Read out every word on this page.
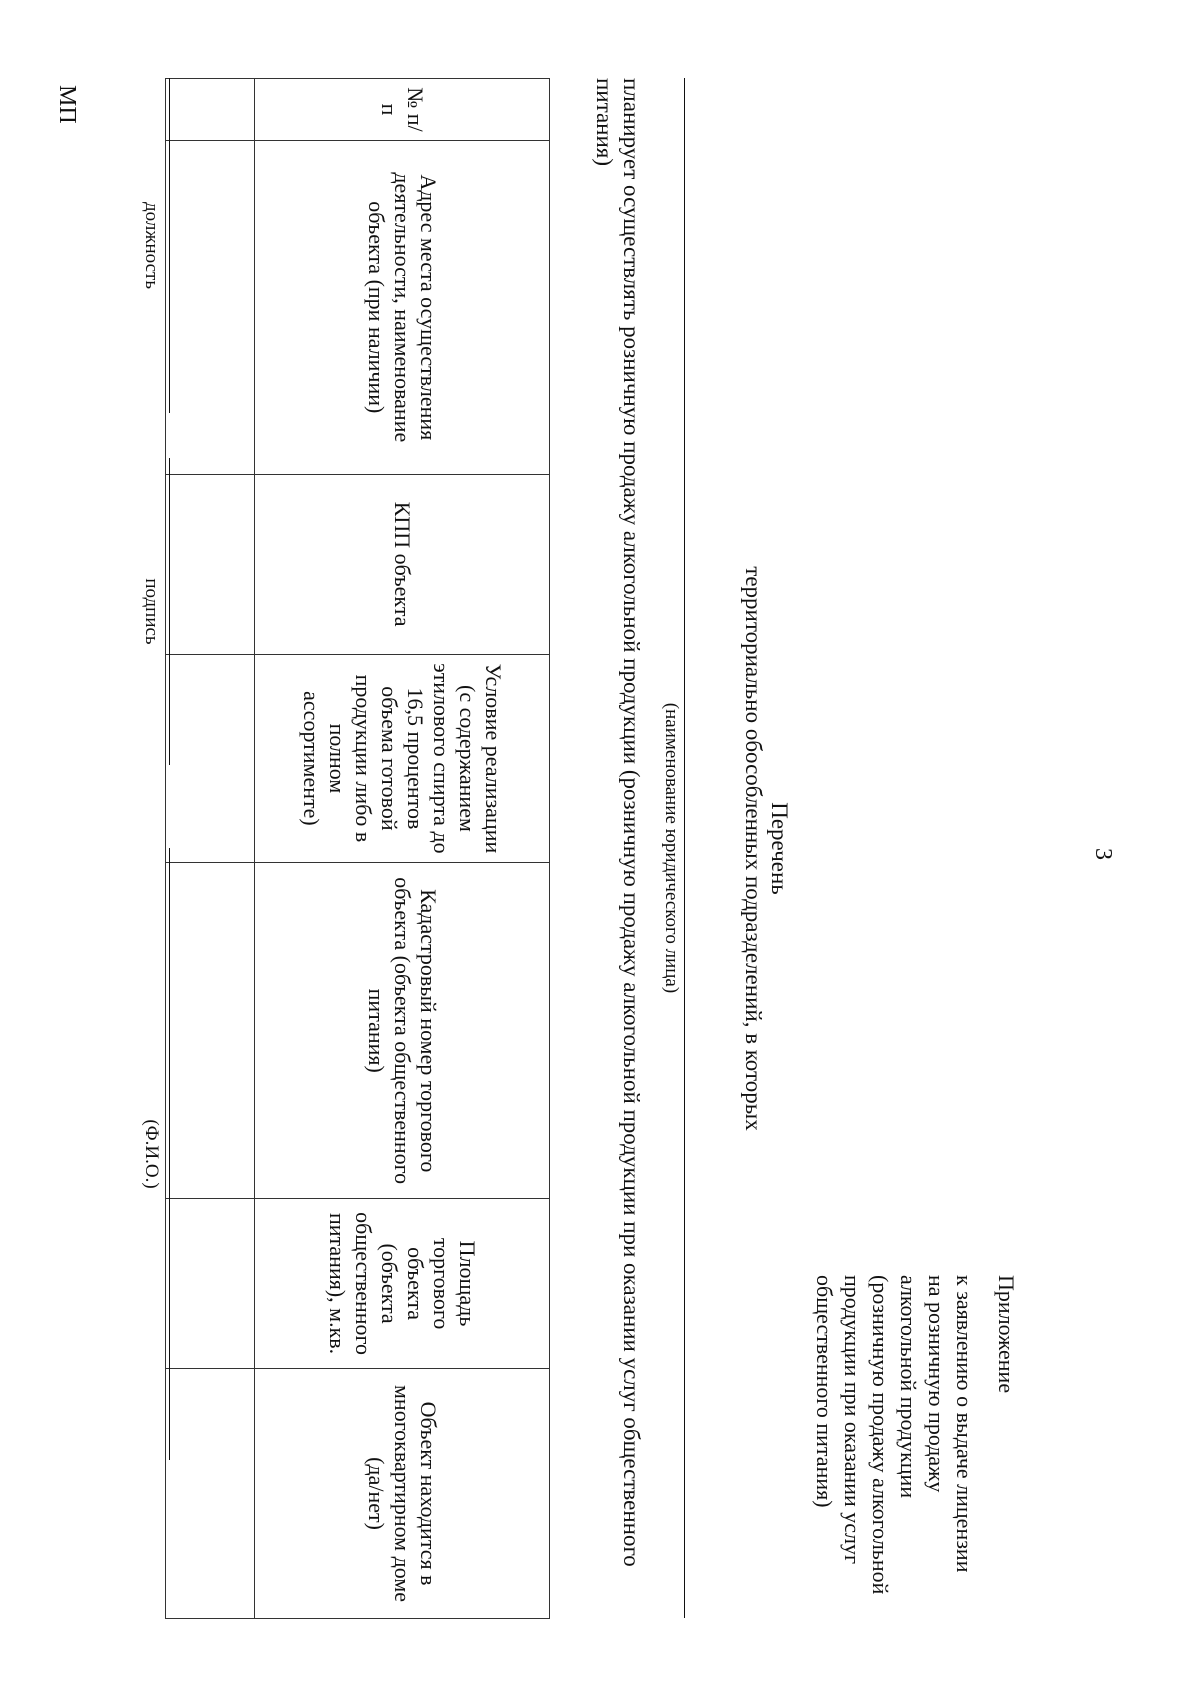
3
Приложение
к заявлению о выдаче лицензии
на розничную продажу
алкогольной продукции
(розничную продажу алкогольной
продукции при оказании услуг
общественного питания)
Перечень
территориально обособленных подразделений, в которых
(наименование юридического лица)
планирует осуществлять розничную продажу алкогольной продукции (розничную продажу алкогольной продукции при оказании услуг общественного питания)
№ п/п	Адрес места осуществления деятельности, наименование объекта (при наличии)	КПП объекта	Условие реализации (с содержанием этилового спирта до 16,5 процентов объема готовой продукции либо в полном ассортименте)	Кадастровый номер торгового объекта (объекта общественного питания)	Площадь торгового объекта (объекта общественного питания), м.кв.	Объект находится в многоквартирном доме (да/нет)

должность
подпись
(Ф.И.О.)
МП
